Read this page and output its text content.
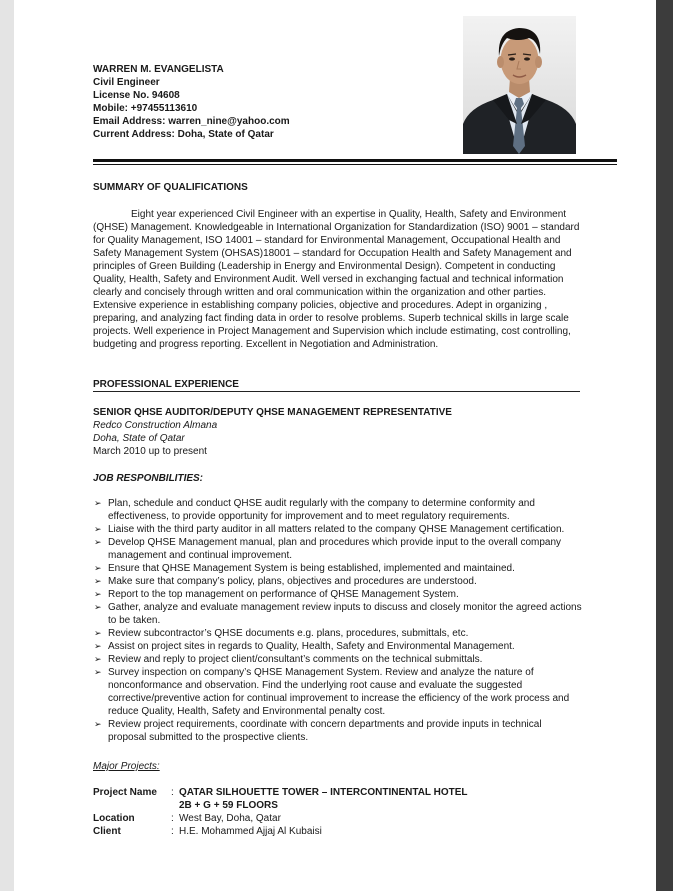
WARREN M. EVANGELISTA
Civil Engineer
License No. 94608
Mobile: +97455113610
Email Address: warren_nine@yahoo.com
Current Address: Doha, State of Qatar
SUMMARY OF QUALIFICATIONS
Eight year experienced Civil Engineer with an expertise in Quality, Health, Safety and Environment
(QHSE) Management. Knowledgeable in International Organization for Standardization (ISO) 9001 – standard
for Quality Management, ISO 14001 – standard for Environmental Management, Occupational Health and
Safety Management System (OHSAS)18001 – standard for Occupation Health and Safety Management and
principles of Green Building (Leadership in Energy and Environmental Design). Competent in conducting
Quality, Health, Safety and Environment Audit. Well versed in exchanging factual and technical information
clearly and concisely through written and oral communication within the organization and other parties.
Extensive experience in establishing company policies, objective and procedures. Adept in organizing ,
preparing, and analyzing fact finding data in order to resolve problems. Superb technical skills in large scale
projects. Well experience in Project Management and Supervision which include estimating, cost controlling,
budgeting and progress reporting. Excellent in Negotiation and Administration.
PROFESSIONAL EXPERIENCE
SENIOR QHSE AUDITOR/DEPUTY QHSE MANAGEMENT REPRESENTATIVE
Redco Construction Almana
Doha, State of Qatar
March 2010 up to present
JOB RESPONBILITIES:
➢ Plan, schedule and conduct QHSE audit regularly with the company to determine conformity and
effectiveness, to provide opportunity for improvement and to meet regulatory requirements.
➢ Liaise with the third party auditor in all matters related to the company QHSE Management certification.
➢ Develop QHSE Management manual, plan and procedures which provide input to the overall company
management and continual improvement.
➢ Ensure that QHSE Management System is being established, implemented and maintained.
➢ Make sure that company’s policy, plans, objectives and procedures are understood.
➢ Report to the top management on performance of QHSE Management System.
➢ Gather, analyze and evaluate management review inputs to discuss and closely monitor the agreed actions
to be taken.
➢ Review subcontractor’s QHSE documents e.g. plans, procedures, submittals, etc.
➢ Assist on project sites in regards to Quality, Health, Safety and Environmental Management.
➢ Review and reply to project client/consultant’s comments on the technical submittals.
➢ Survey inspection on company’s QHSE Management System. Review and analyze the nature of
nonconformance and observation. Find the underlying root cause and evaluate the suggested
corrective/preventive action for continual improvement to increase the efficiency of the work process and
reduce Quality, Health, Safety and Environmental penalty cost.
➢ Review project requirements, coordinate with concern departments and provide inputs in technical
proposal submitted to the prospective clients.
Major Projects:
Project Name : QATAR SILHOUETTE TOWER – INTERCONTINENTAL HOTEL
2B + G + 59 FLOORS
Location	: West Bay, Doha, Qatar
Client	: H.E. Mohammed Ajjaj Al Kubaisi
